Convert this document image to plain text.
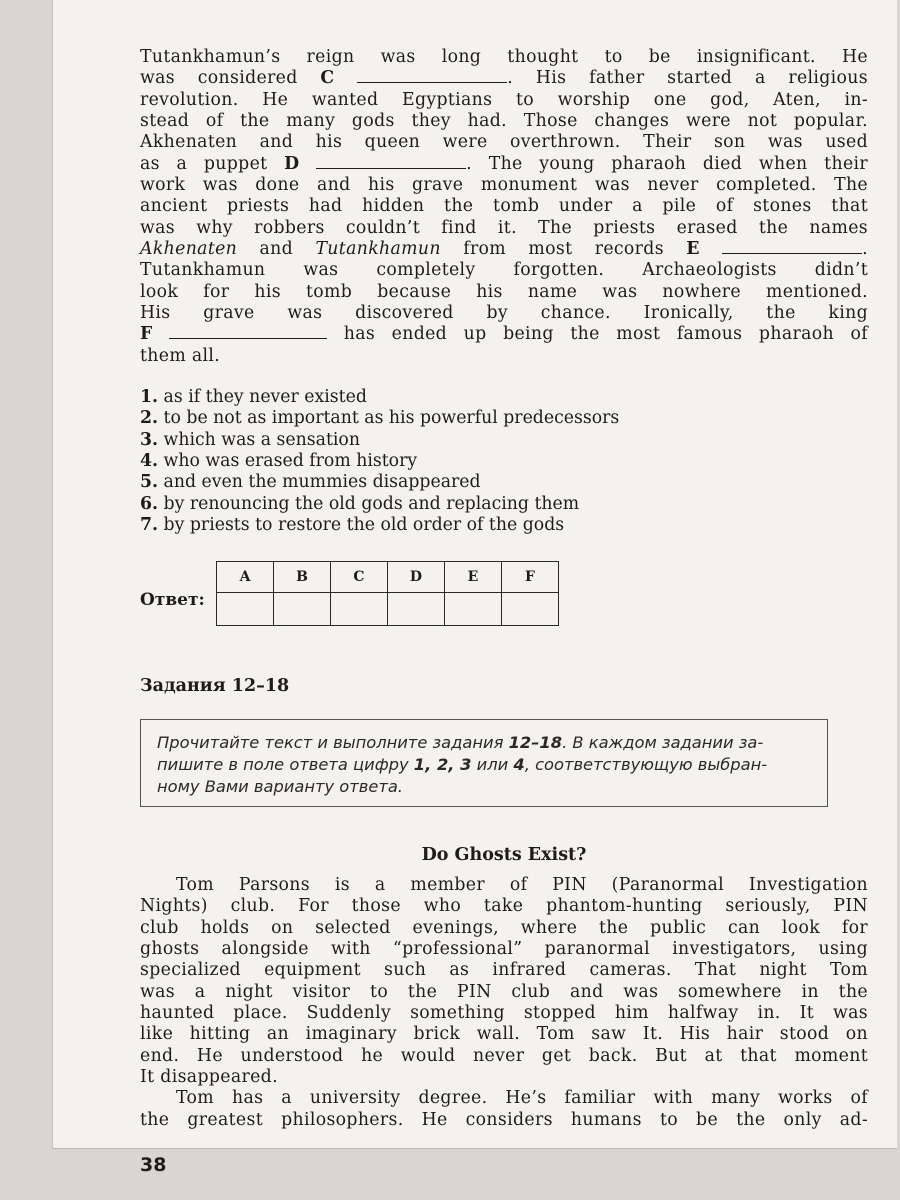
Tutankhamun’s reign was long thought to be insignificant. He

was considered C	. His father started a religious

revolution. He wanted Egyptians to worship one god, Aten, in-

stead of the many gods they had. Those changes were not popular.

Akhenaten and his queen were overthrown. Their son was used

as a puppet D	. The young pharaoh died when their

work was done and his grave monument was never completed. The

ancient priests had hidden the tomb under a pile of stones that

was why robbers couldn’t find it. The priests erased the names

Akhenaten and Tutankhamun from most records E	.

Tutankhamun was completely forgotten. Archaeologists didn’t

look for his tomb because his name was nowhere mentioned.

His grave was discovered by chance. Ironically, the king

F	has ended up being the most famous pharaoh of

them all.

1. as if they never existed
2. to be not as important as his powerful predecessors
3. which was a sensation
4. who was erased from history
5. and even the mummies disappeared
6. by renouncing the old gods and replacing them
7. by priests to restore the old order of the gods
Ответ:
A	B	C	D	E	F

Задания 12–18
Прочитайте текст и выполните задания 12–18. В каждом задании за-
пишите в поле ответа цифру 1, 2, 3 или 4, соответствующую выбран-
ному Вами варианту ответа.
Do Ghosts Exist?

Tom Parsons is a member of PIN (Paranormal Investigation

Nights) club. For those who take phantom-hunting seriously, PIN

club holds on selected evenings, where the public can look for

ghosts alongside with “professional” paranormal investigators, using

specialized equipment such as infrared cameras. That night Tom

was a night visitor to the PIN club and was somewhere in the

haunted place. Suddenly something stopped him halfway in. It was

like hitting an imaginary brick wall. Tom saw It. His hair stood on

end. He understood he would never get back. But at that moment

It disappeared.

Tom has a university degree. He’s familiar with many works of

the greatest philosophers. He considers humans to be the only ad-

38
